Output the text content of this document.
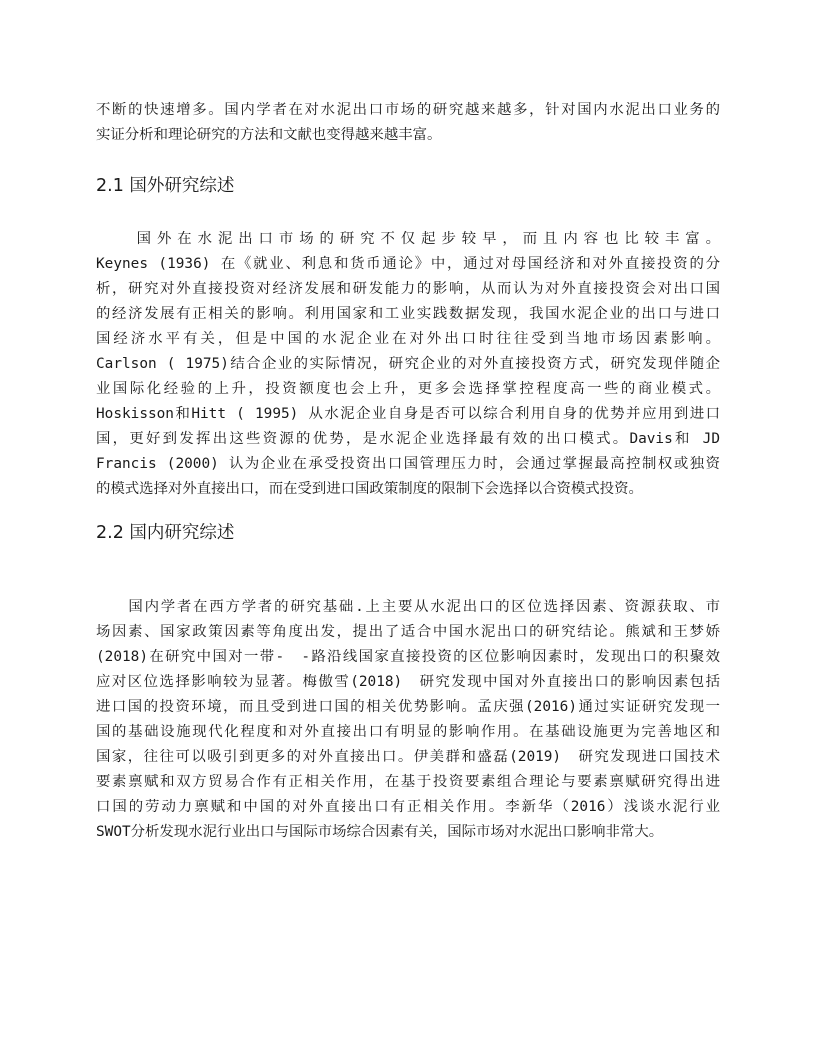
不断的快速增多。国内学者在对水泥出口市场的研究越来越多，针对国内水泥出口业务的
实证分析和理论研究的方法和文献也变得越来越丰富。
2.1 国外研究综述
　　国外在水泥出口市场的研究不仅起步较早，而且内容也比较丰富。
Keynes (1936) 在《就业、利息和货币通论》中，通过对母国经济和对外直接投资的分
析，研究对外直接投资对经济发展和研发能力的影响，从而认为对外直接投资会对出口国
的经济发展有正相关的影响。利用国家和工业实践数据发现，我国水泥企业的出口与进口
国经济水平有关，但是中国的水泥企业在对外出口时往往受到当地市场因素影响。
Carlson ( 1975)结合企业的实际情况，研究企业的对外直接投资方式，研究发现伴随企
业国际化经验的上升，投资额度也会上升，更多会选择掌控程度高一些的商业模式。
Hoskisson和Hitt ( 1995) 从水泥企业自身是否可以综合利用自身的优势并应用到进口
国，更好到发挥出这些资源的优势，是水泥企业选择最有效的出口模式。Davis和 JD
Francis (2000) 认为企业在承受投资出口国管理压力时，会通过掌握最高控制权或独资
的模式选择对外直接出口，而在受到进口国政策制度的限制下会选择以合资模式投资。
2.2 国内研究综述
　　国内学者在西方学者的研究基础.上主要从水泥出口的区位选择因素、资源获取、市
场因素、国家政策因素等角度出发，提出了适合中国水泥出口的研究结论。熊斌和王梦娇
(2018)在研究中国对一带-　-路沿线国家直接投资的区位影响因素时，发现出口的积聚效
应对区位选择影响较为显著。梅傲雪(2018)　研究发现中国对外直接出口的影响因素包括
进口国的投资环境，而且受到进口国的相关优势影响。孟庆强(2016)通过实证研究发现一
国的基础设施现代化程度和对外直接出口有明显的影响作用。在基础设施更为完善地区和
国家，往往可以吸引到更多的对外直接出口。伊美群和盛磊(2019)　研究发现进口国技术
要素禀赋和双方贸易合作有正相关作用，在基于投资要素组合理论与要素禀赋研究得出进
口国的劳动力禀赋和中国的对外直接出口有正相关作用。李新华（2016）浅谈水泥行业
SWOT分析发现水泥行业出口与国际市场综合因素有关，国际市场对水泥出口影响非常大。
